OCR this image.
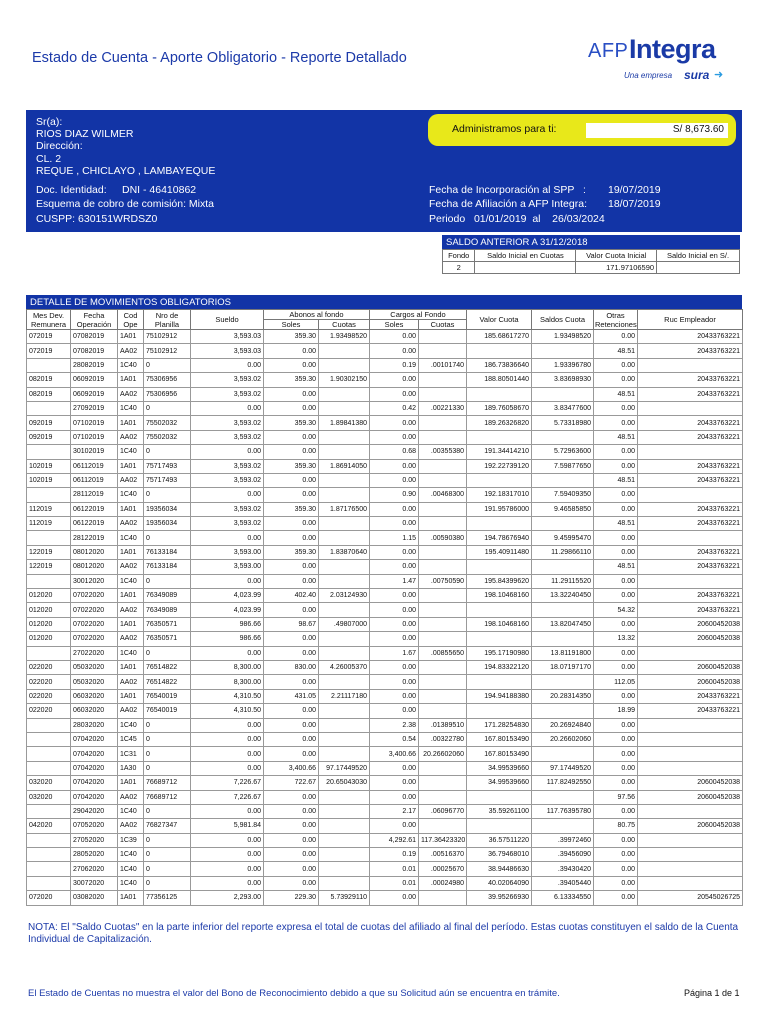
Estado de Cuenta - Aporte Obligatorio - Reporte Detallado	AFP Integra
Una empresa sura ➜
Sr(a):
RIOS DIAZ WILMER
Dirección:
CL. 2
REQUE , CHICLAYO , LAMBAYEQUE
Doc. Identidad: DNI - 46410862
Esquema de cobro de comisión: Mixta
CUSPP: 630151WRDSZ0
Administramos para ti:	S/ 8,673.60
Fecha de Incorporación al SPP : 19/07/2019
Fecha de Afiliación a AFP Integra: 18/07/2019
Periodo   01/01/2019  al    26/03/2024
SALDO ANTERIOR A 31/12/2018
Fondo	Saldo Inicial en Cuotas	Valor Cuota Inicial	Saldo Inicial en S/.
2		171.97106590	
DETALLE DE MOVIMIENTOS OBLIGATORIOS
Mes Dev. Remunera	Fecha Operación	Cod Ope	Nro de Planilla	Sueldo	Abonos al fondo		Cargos al Fondo		Valor Cuota	Saldos Cuota	Otras Retenciones	Ruc Empleador
					Soles	Cuotas	Soles	Cuotas				
072019	07082019	1A01	75102912	3,593.03	359.30	1.93498520	0.00		185.68617270	1.93498520	0.00	20433763221
072019	07082019	AA02	75102912	3,593.03	0.00		0.00				48.51	20433763221
	28082019	1C40	0	0.00	0.00		0.19	.00101740	186.73836640	1.93396780	0.00	
082019	06092019	1A01	75306956	3,593.02	359.30	1.90302150	0.00		188.80501440	3.83698930	0.00	20433763221
082019	06092019	AA02	75306956	3,593.02	0.00		0.00				48.51	20433763221
	27092019	1C40	0	0.00	0.00		0.42	.00221330	189.76058670	3.83477600	0.00	
092019	07102019	1A01	75502032	3,593.02	359.30	1.89841380	0.00		189.26326820	5.73318980	0.00	20433763221
092019	07102019	AA02	75502032	3,593.02	0.00		0.00				48.51	20433763221
	30102019	1C40	0	0.00	0.00		0.68	.00355380	191.34414210	5.72963600	0.00	
102019	06112019	1A01	75717493	3,593.02	359.30	1.86914050	0.00		192.22739120	7.59877650	0.00	20433763221
102019	06112019	AA02	75717493	3,593.02	0.00		0.00				48.51	20433763221
	28112019	1C40	0	0.00	0.00		0.90	.00468300	192.18317010	7.59409350	0.00	
112019	06122019	1A01	19356034	3,593.02	359.30	1.87176500	0.00		191.95786000	9.46585850	0.00	20433763221
112019	06122019	AA02	19356034	3,593.02	0.00		0.00				48.51	20433763221
	28122019	1C40	0	0.00	0.00		1.15	.00590380	194.78676940	9.45995470	0.00	
122019	08012020	1A01	76133184	3,593.00	359.30	1.83870640	0.00		195.40911480	11.29866110	0.00	20433763221
122019	08012020	AA02	76133184	3,593.00	0.00		0.00				48.51	20433763221
	30012020	1C40	0	0.00	0.00		1.47	.00750590	195.84399620	11.29115520	0.00	
012020	07022020	1A01	76349089	4,023.99	402.40	2.03124930	0.00		198.10468160	13.32240450	0.00	20433763221
012020	07022020	AA02	76349089	4,023.99	0.00		0.00				54.32	20433763221
012020	07022020	1A01	76350571	986.66	98.67	.49807000	0.00		198.10468160	13.82047450	0.00	20600452038
012020	07022020	AA02	76350571	986.66	0.00		0.00				13.32	20600452038
	27022020	1C40	0	0.00	0.00		1.67	.00855650	195.17190980	13.81191800	0.00	
022020	05032020	1A01	76514822	8,300.00	830.00	4.26005370	0.00		194.83322120	18.07197170	0.00	20600452038
022020	05032020	AA02	76514822	8,300.00	0.00		0.00				112.05	20600452038
022020	06032020	1A01	76540019	4,310.50	431.05	2.21117180	0.00		194.94188380	20.28314350	0.00	20433763221
022020	06032020	AA02	76540019	4,310.50	0.00		0.00				18.99	20433763221
	28032020	1C40	0	0.00	0.00		2.38	.01389510	171.28254830	20.26924840	0.00	
	07042020	1C45	0	0.00	0.00		0.54	.00322780	167.80153490	20.26602060	0.00	
	07042020	1C31	0	0.00	0.00		3,400.66	20.26602060	167.80153490		0.00	
	07042020	1A30	0	0.00	3,400.66	97.17449520	0.00		34.99539660	97.17449520	0.00	
032020	07042020	1A01	76689712	7,226.67	722.67	20.65043030	0.00		34.99539660	117.82492550	0.00	20600452038
032020	07042020	AA02	76689712	7,226.67	0.00		0.00				97.56	20600452038
	29042020	1C40	0	0.00	0.00		2.17	.06096770	35.59261100	117.76395780	0.00	
042020	07052020	AA02	76827347	5,981.84	0.00		0.00				80.75	20600452038
	27052020	1C39	0	0.00	0.00		4,292.61	117.36423320	36.57511220	.39972460	0.00	
	28052020	1C40	0	0.00	0.00		0.19	.00516370	36.79468010	.39456090	0.00	
	27062020	1C40	0	0.00	0.00		0.01	.00025670	38.94486630	.39430420	0.00	
	30072020	1C40	0	0.00	0.00		0.01	.00024980	40.02064090	.39405440	0.00	
072020	03082020	1A01	77356125	2,293.00	229.30	5.73929110	0.00		39.95266930	6.13334550	0.00	20545026725
NOTA: El "Saldo Cuotas" en la parte inferior del reporte expresa el total de cuotas del afiliado al final del período. Estas cuotas constituyen el saldo de la Cuenta Individual de Capitalización.
El Estado de Cuentas no muestra el valor del Bono de Reconocimiento debido a que su Solicitud aún se encuentra en trámite.	Página 1 de 1
